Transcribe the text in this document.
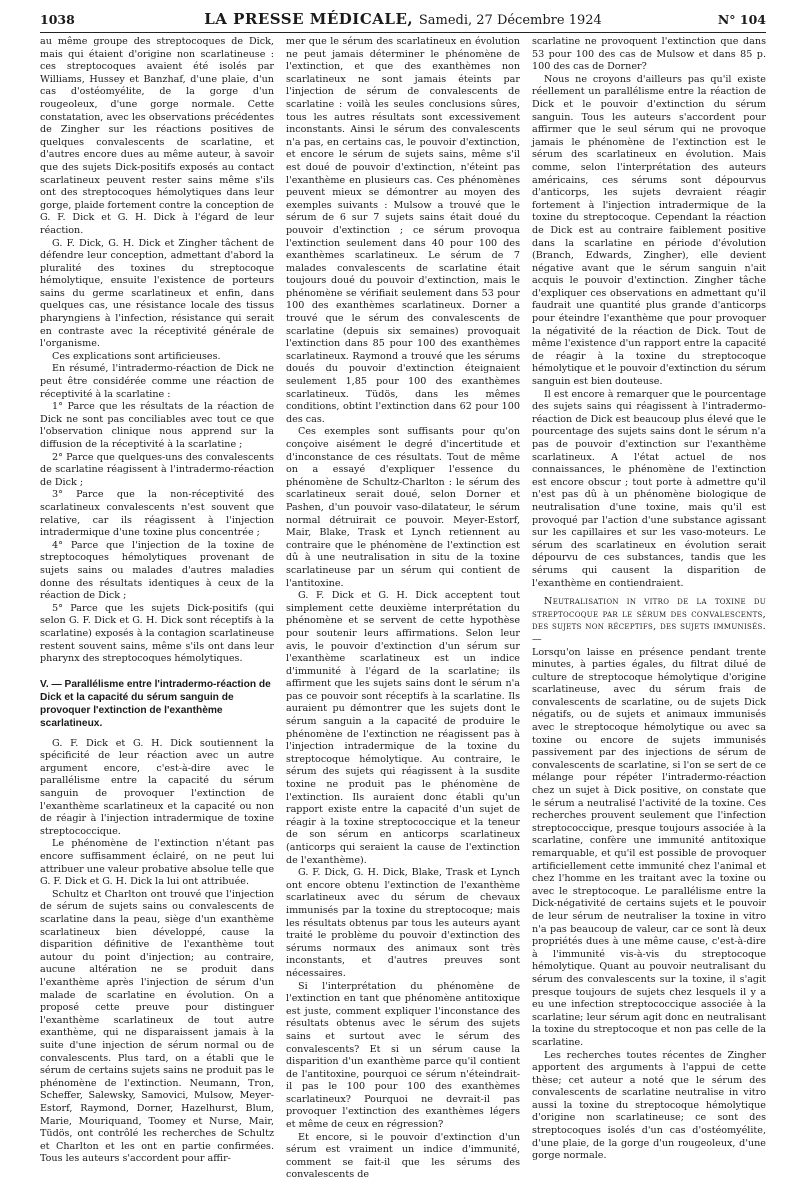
1038	LA PRESSE MÉDICALE, Samedi, 27 Décembre 1924	N° 104

au même groupe des streptocoques de Dick, mais qui étaient d'origine non scarlatineuse : ces streptocoques avaient été isolés par Williams, Hussey et Banzhaf, d'une plaie, d'un cas d'ostéomyélite, de la gorge d'un rougeoleux, d'une gorge normale. Cette constatation, avec les observations précédentes de Zingher sur les réactions positives de quelques convalescents de scarlatine, et d'autres encore dues au même auteur, à savoir que des sujets Dick-positifs exposés au contact scarlatineux peuvent rester sains même s'ils ont des streptocoques hémolytiques dans leur gorge, plaide fortement contre la conception de G. F. Dick et G. H. Dick à l'égard de leur réaction.

G. F. Dick, G. H. Dick et Zingher tâchent de défendre leur conception, admettant d'abord la pluralité des toxines du streptocoque hémolytique, ensuite l'existence de porteurs sains du germe scarlatineux et enfin, dans quelques cas, une résistance locale des tissus pharyngiens à l'infection, résistance qui serait en contraste avec la réceptivité générale de l'organisme.

Ces explications sont artificieuses.

En résumé, l'intradermo-réaction de Dick ne peut être considérée comme une réaction de réceptivité à la scarlatine :

1° Parce que les résultats de la réaction de Dick ne sont pas conciliables avec tout ce que l'observation clinique nous apprend sur la diffusion de la réceptivité à la scarlatine ;

2° Parce que quelques-uns des convalescents de scarlatine réagissent à l'intradermo-réaction de Dick ;

3° Parce que la non-réceptivité des scarlatineux convalescents n'est souvent que relative, car ils réagissent à l'injection intradermique d'une toxine plus concentrée ;

4° Parce que l'injection de la toxine de streptocoques hémolytiques provenant de sujets sains ou malades d'autres maladies donne des résultats identiques à ceux de la réaction de Dick ;

5° Parce que les sujets Dick-positifs (qui selon G. F. Dick et G. H. Dick sont réceptifs à la scarlatine) exposés à la contagion scarlatineuse restent souvent sains, même s'ils ont dans leur pharynx des streptocoques hémolytiques.

V. — Parallélisme entre l'intradermo-réaction de Dick et la capacité du sérum sanguin de provoquer l'extinction de l'exanthème scarlatineux.

G. F. Dick et G. H. Dick soutiennent la spécificité de leur réaction avec un autre argument encore, c'est-à-dire avec le parallélisme entre la capacité du sérum sanguin de provoquer l'extinction de l'exanthème scarlatineux et la capacité ou non de réagir à l'injection intradermique de toxine streptococcique.

Le phénomène de l'extinction n'étant pas encore suffisamment éclairé, on ne peut lui attribuer une valeur probative absolue telle que G. F. Dick et G. H. Dick la lui ont attribuée.

Schultz et Charlton ont trouvé que l'injection de sérum de sujets sains ou convalescents de scarlatine dans la peau, siège d'un exanthème scarlatineux bien développé, cause la disparition définitive de l'exanthème tout autour du point d'injection; au contraire, aucune altération ne se produit dans l'exanthème après l'injection de sérum d'un malade de scarlatine en évolution. On a proposé cette preuve pour distinguer l'exanthème scarlatineux de tout autre exanthème, qui ne disparaissent jamais à la suite d'une injection de sérum normal ou de convalescents. Plus tard, on a établi que le sérum de certains sujets sains ne produit pas le phénomène de l'extinction. Neumann, Tron, Scheffer, Salewsky, Samovici, Mulsow, Meyer-Estorf, Raymond, Dorner, Hazelhurst, Blum, Marie, Mouriquand, Toomey et Nurse, Mair, Tüdös, ont contrôlé les recherches de Schultz et Charlton et les ont en partie confirmées. Tous les auteurs s'accordent pour affir-

mer que le sérum des scarlatineux en évolution ne peut jamais déterminer le phénomène de l'extinction, et que des exanthèmes non scarlatineux ne sont jamais éteints par l'injection de sérum de convalescents de scarlatine : voilà les seules conclusions sûres, tous les autres résultats sont excessivement inconstants. Ainsi le sérum des convalescents n'a pas, en certains cas, le pouvoir d'extinction, et encore le sérum de sujets sains, même s'il est doué de pouvoir d'extinction, n'éteint pas l'exanthème en plusieurs cas. Ces phénomènes peuvent mieux se démontrer au moyen des exemples suivants : Mulsow a trouvé que le sérum de 6 sur 7 sujets sains était doué du pouvoir d'extinction ; ce sérum provoqua l'extinction seulement dans 40 pour 100 des exanthèmes scarlatineux. Le sérum de 7 malades convalescents de scarlatine était toujours doué du pouvoir d'extinction, mais le phénomène se vérifiait seulement dans 53 pour 100 des exanthèmes scarlatineux. Dorner a trouvé que le sérum des convalescents de scarlatine (depuis six semaines) provoquait l'extinction dans 85 pour 100 des exanthèmes scarlatineux. Raymond a trouvé que les sérums doués du pouvoir d'extinction éteignaient seulement 1,85 pour 100 des exanthèmes scarlatineux. Tüdös, dans les mêmes conditions, obtint l'extinction dans 62 pour 100 des cas.

Ces exemples sont suffisants pour qu'on conçoive aisément le degré d'incertitude et d'inconstance de ces résultats. Tout de même on a essayé d'expliquer l'essence du phénomène de Schultz-Charlton : le sérum des scarlatineux serait doué, selon Dorner et Pashen, d'un pouvoir vaso-dilatateur, le sérum normal détruirait ce pouvoir. Meyer-Estorf, Mair, Blake, Trask et Lynch retiennent au contraire que le phénomène de l'extinction est dû à une neutralisation in situ de la toxine scarlatineuse par un sérum qui contient de l'antitoxine.

G. F. Dick et G. H. Dick acceptent tout simplement cette deuxième interprétation du phénomène et se servent de cette hypothèse pour soutenir leurs affirmations. Selon leur avis, le pouvoir d'extinction d'un sérum sur l'exanthème scarlatineux est un indice d'immunité à l'égard de la scarlatine; ils affirment que les sujets sains dont le sérum n'a pas ce pouvoir sont réceptifs à la scarlatine. Ils auraient pu démontrer que les sujets dont le sérum sanguin a la capacité de produire le phénomène de l'extinction ne réagissent pas à l'injection intradermique de la toxine du streptocoque hémolytique. Au contraire, le sérum des sujets qui réagissent à la susdite toxine ne produit pas le phénomène de l'extinction. Ils auraient donc établi qu'un rapport existe entre la capacité d'un sujet de réagir à la toxine streptococcique et la teneur de son sérum en anticorps scarlatineux (anticorps qui seraient la cause de l'extinction de l'exanthème).

G. F. Dick, G. H. Dick, Blake, Trask et Lynch ont encore obtenu l'extinction de l'exanthème scarlatineux avec du sérum de chevaux immunisés par la toxine du streptocoque; mais les résultats obtenus par tous les auteurs ayant traité le problème du pouvoir d'extinction des sérums normaux des animaux sont très inconstants, et d'autres preuves sont nécessaires.

Si l'interprétation du phénomène de l'extinction en tant que phénomène antitoxique est juste, comment expliquer l'inconstance des résultats obtenus avec le sérum des sujets sains et surtout avec le sérum des convalescents? Et si un sérum cause la disparition d'un exanthème parce qu'il contient de l'antitoxine, pourquoi ce sérum n'éteindrait-il pas le 100 pour 100 des exanthèmes scarlatineux? Pourquoi ne devrait-il pas provoquer l'extinction des exanthèmes légers et même de ceux en régression?

Et encore, si le pouvoir d'extinction d'un sérum est vraiment un indice d'immunité, comment se fait-il que les sérums des convalescents de

scarlatine ne provoquent l'extinction que dans 53 pour 100 des cas de Mulsow et dans 85 p. 100 des cas de Dorner?

Nous ne croyons d'ailleurs pas qu'il existe réellement un parallélisme entre la réaction de Dick et le pouvoir d'extinction du sérum sanguin. Tous les auteurs s'accordent pour affirmer que le seul sérum qui ne provoque jamais le phénomène de l'extinction est le sérum des scarlatineux en évolution. Mais comme, selon l'interprétation des auteurs américains, ces sérums sont dépourvus d'anticorps, les sujets devraient réagir fortement à l'injection intradermique de la toxine du streptocoque. Cependant la réaction de Dick est au contraire faiblement positive dans la scarlatine en période d'évolution (Branch, Edwards, Zingher), elle devient négative avant que le sérum sanguin n'ait acquis le pouvoir d'extinction. Zingher tâche d'expliquer ces observations en admettant qu'il faudrait une quantité plus grande d'anticorps pour éteindre l'exanthème que pour provoquer la négativité de la réaction de Dick. Tout de même l'existence d'un rapport entre la capacité de réagir à la toxine du streptocoque hémolytique et le pouvoir d'extinction du sérum sanguin est bien douteuse.

Il est encore à remarquer que le pourcentage des sujets sains qui réagissent à l'intradermo-réaction de Dick est beaucoup plus élevé que le pourcentage des sujets sains dont le sérum n'a pas de pouvoir d'extinction sur l'exanthème scarlatineux. A l'état actuel de nos connaissances, le phénomène de l'extinction est encore obscur ; tout porte à admettre qu'il n'est pas dû à un phénomène biologique de neutralisation d'une toxine, mais qu'il est provoqué par l'action d'une substance agissant sur les capillaires et sur les vaso-moteurs. Le sérum des scarlatineux en évolution serait dépourvu de ces substances, tandis que les sérums qui causent la disparition de l'exanthème en contiendraient.

Neutralisation in vitro de la toxine du streptocoque par le sérum des convalescents, des sujets non réceptifs, des sujets immunisés. —

Lorsqu'on laisse en présence pendant trente minutes, à parties égales, du filtrat dilué de culture de streptocoque hémolytique d'origine scarlatineuse, avec du sérum frais de convalescents de scarlatine, ou de sujets Dick négatifs, ou de sujets et animaux immunisés avec le streptocoque hémolytique ou avec sa toxine ou encore de sujets immunisés passivement par des injections de sérum de convalescents de scarlatine, si l'on se sert de ce mélange pour répéter l'intradermo-réaction chez un sujet à Dick positive, on constate que le sérum a neutralisé l'activité de la toxine. Ces recherches prouvent seulement que l'infection streptococcique, presque toujours associée à la scarlatine, confère une immunité antitoxique remarquable, et qu'il est possible de provoquer artificiellement cette immunité chez l'animal et chez l'homme en les traitant avec la toxine ou avec le streptocoque. Le parallélisme entre la Dick-négativité de certains sujets et le pouvoir de leur sérum de neutraliser la toxine in vitro n'a pas beaucoup de valeur, car ce sont là deux propriétés dues à une même cause, c'est-à-dire à l'immunité vis-à-vis du streptocoque hémolytique. Quant au pouvoir neutralisant du sérum des convalescents sur la toxine, il s'agit presque toujours de sujets chez lesquels il y a eu une infection streptococcique associée à la scarlatine; leur sérum agit donc en neutralisant la toxine du streptocoque et non pas celle de la scarlatine.

Les recherches toutes récentes de Zingher apportent des arguments à l'appui de cette thèse; cet auteur a noté que le sérum des convalescents de scarlatine neutralise in vitro aussi la toxine du streptocoque hémolytique d'origine non scarlatineuse; ce sont des streptocoques isolés d'un cas d'ostéomyélite, d'une plaie, de la gorge d'un rougeoleux, d'une gorge normale.
